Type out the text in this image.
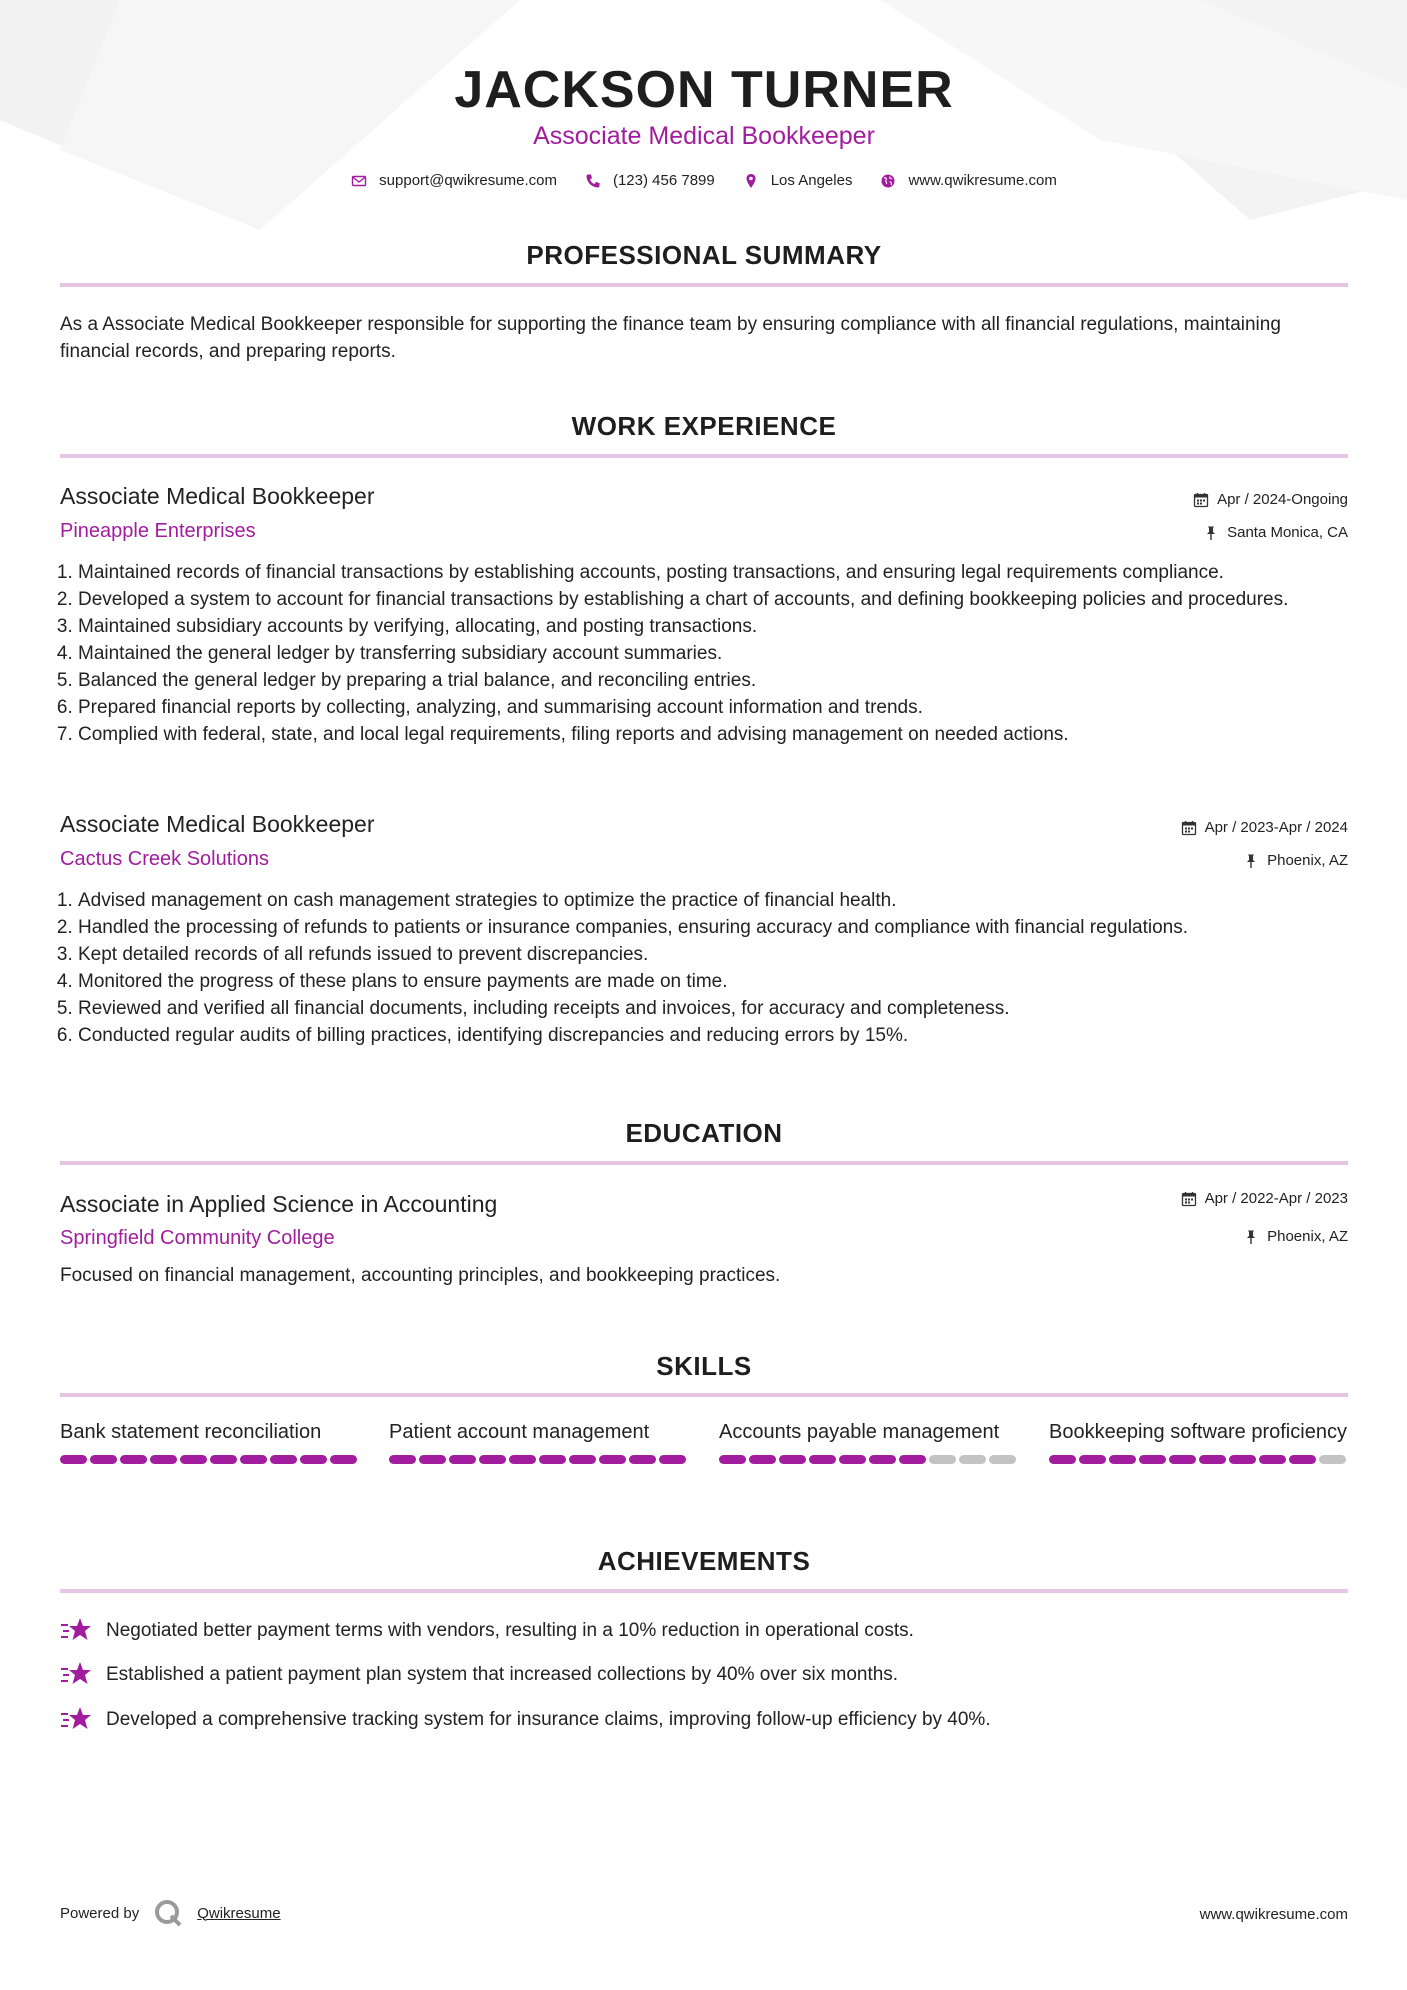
JACKSON TURNER
Associate Medical Bookkeeper
support@qwikresume.com	(123) 456 7899	Los Angeles	www.qwikresume.com
PROFESSIONAL SUMMARY
As a Associate Medical Bookkeeper responsible for supporting the finance team by ensuring compliance with all financial regulations, maintaining financial records, and preparing reports.
WORK EXPERIENCE
Associate Medical Bookkeeper	Apr / 2024-Ongoing
Pineapple Enterprises	Santa Monica, CA
1. Maintained records of financial transactions by establishing accounts, posting transactions, and ensuring legal requirements compliance.
2. Developed a system to account for financial transactions by establishing a chart of accounts, and defining bookkeeping policies and procedures.
3. Maintained subsidiary accounts by verifying, allocating, and posting transactions.
4. Maintained the general ledger by transferring subsidiary account summaries.
5. Balanced the general ledger by preparing a trial balance, and reconciling entries.
6. Prepared financial reports by collecting, analyzing, and summarising account information and trends.
7. Complied with federal, state, and local legal requirements, filing reports and advising management on needed actions.
Associate Medical Bookkeeper	Apr / 2023-Apr / 2024
Cactus Creek Solutions	Phoenix, AZ
1. Advised management on cash management strategies to optimize the practice of financial health.
2. Handled the processing of refunds to patients or insurance companies, ensuring accuracy and compliance with financial regulations.
3. Kept detailed records of all refunds issued to prevent discrepancies.
4. Monitored the progress of these plans to ensure payments are made on time.
5. Reviewed and verified all financial documents, including receipts and invoices, for accuracy and completeness.
6. Conducted regular audits of billing practices, identifying discrepancies and reducing errors by 15%.
EDUCATION
Associate in Applied Science in Accounting	Apr / 2022-Apr / 2023
Springfield Community College	Phoenix, AZ
Focused on financial management, accounting principles, and bookkeeping practices.
SKILLS
Bank statement reconciliation	Patient account management	Accounts payable management	Bookkeeping software proficiency
ACHIEVEMENTS
Negotiated better payment terms with vendors, resulting in a 10% reduction in operational costs.
Established a patient payment plan system that increased collections by 40% over six months.
Developed a comprehensive tracking system for insurance claims, improving follow-up efficiency by 40%.
Powered by	Qwikresume	www.qwikresume.com
